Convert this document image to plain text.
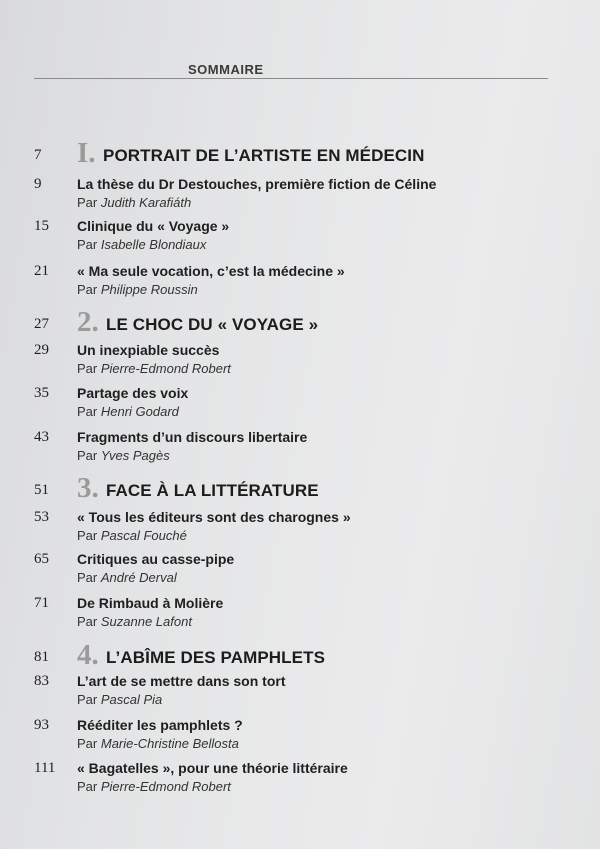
SOMMAIRE
7	I. PORTRAIT DE L’ARTISTE EN MÉDECIN
9	La thèse du Dr Destouches, première fiction de Céline
Par Judith Karafiáth
15	Clinique du « Voyage »
Par Isabelle Blondiaux
21	« Ma seule vocation, c’est la médecine »
Par Philippe Roussin
27 2. LE CHOC DU « VOYAGE »
29	Un inexpiable succès
Par Pierre-Edmond Robert
35	Partage des voix
Par Henri Godard
43	Fragments d’un discours libertaire
Par Yves Pagès
51 3. FACE À LA LITTÉRATURE
53	« Tous les éditeurs sont des charognes »
Par Pascal Fouché
65	Critiques au casse-pipe
Par André Derval
71	De Rimbaud à Molière
Par Suzanne Lafont
81 4. L’ABÎME DES PAMPHLETS
83	L’art de se mettre dans son tort
Par Pascal Pia
93	Rééditer les pamphlets ?
Par Marie-Christine Bellosta
111	« Bagatelles », pour une théorie littéraire
Par Pierre-Edmond Robert
